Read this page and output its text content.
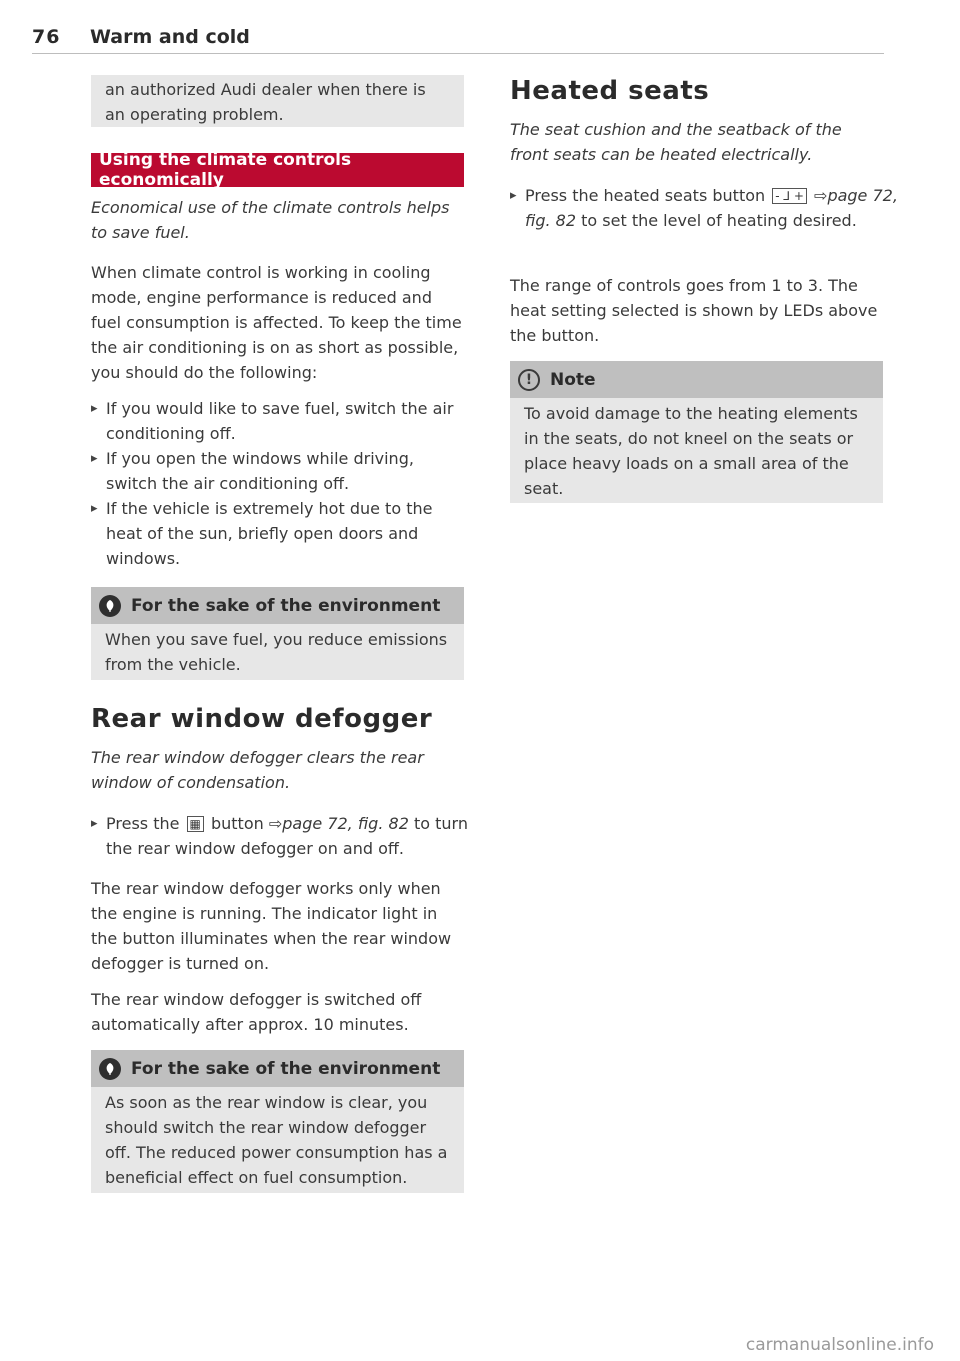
76 Warm and cold

an authorized Audi dealer when there is an operating problem.

Using the climate controls economically

Economical use of the climate controls helps to save fuel.

When climate control is working in cooling mode, engine performance is reduced and fuel consumption is affected. To keep the time the air conditioning is on as short as possible, you should do the following:

▸ If you would like to save fuel, switch the air conditioning off.
▸ If you open the windows while driving, switch the air conditioning off.
▸ If the vehicle is extremely hot due to the heat of the sun, briefly open doors and windows.
For the sake of the environment
When you save fuel, you reduce emissions from the vehicle.
Rear window defogger

The rear window defogger clears the rear window of condensation.

▸ Press the ▦ button ⇨page 72, fig. 82 to turn the rear window defogger on and off.

The rear window defogger works only when the engine is running. The indicator light in the button illuminates when the rear window defogger is turned on.

The rear window defogger is switched off automatically after approx. 10 minutes.

For the sake of the environment
As soon as the rear window is clear, you should switch the rear window defogger off. The reduced power consumption has a beneficial effect on fuel consumption.
Heated seats

The seat cushion and the seatback of the front seats can be heated electrically.

▸ Press the heated seats button - ⅃ + ⇨page 72, fig. 82 to set the level of heating desired.

The range of controls goes from 1 to 3. The heat setting selected is shown by LEDs above the button.

!	Note
To avoid damage to the heating elements in the seats, do not kneel on the seats or place heavy loads on a small area of the seat.
carmanualsonline.info
